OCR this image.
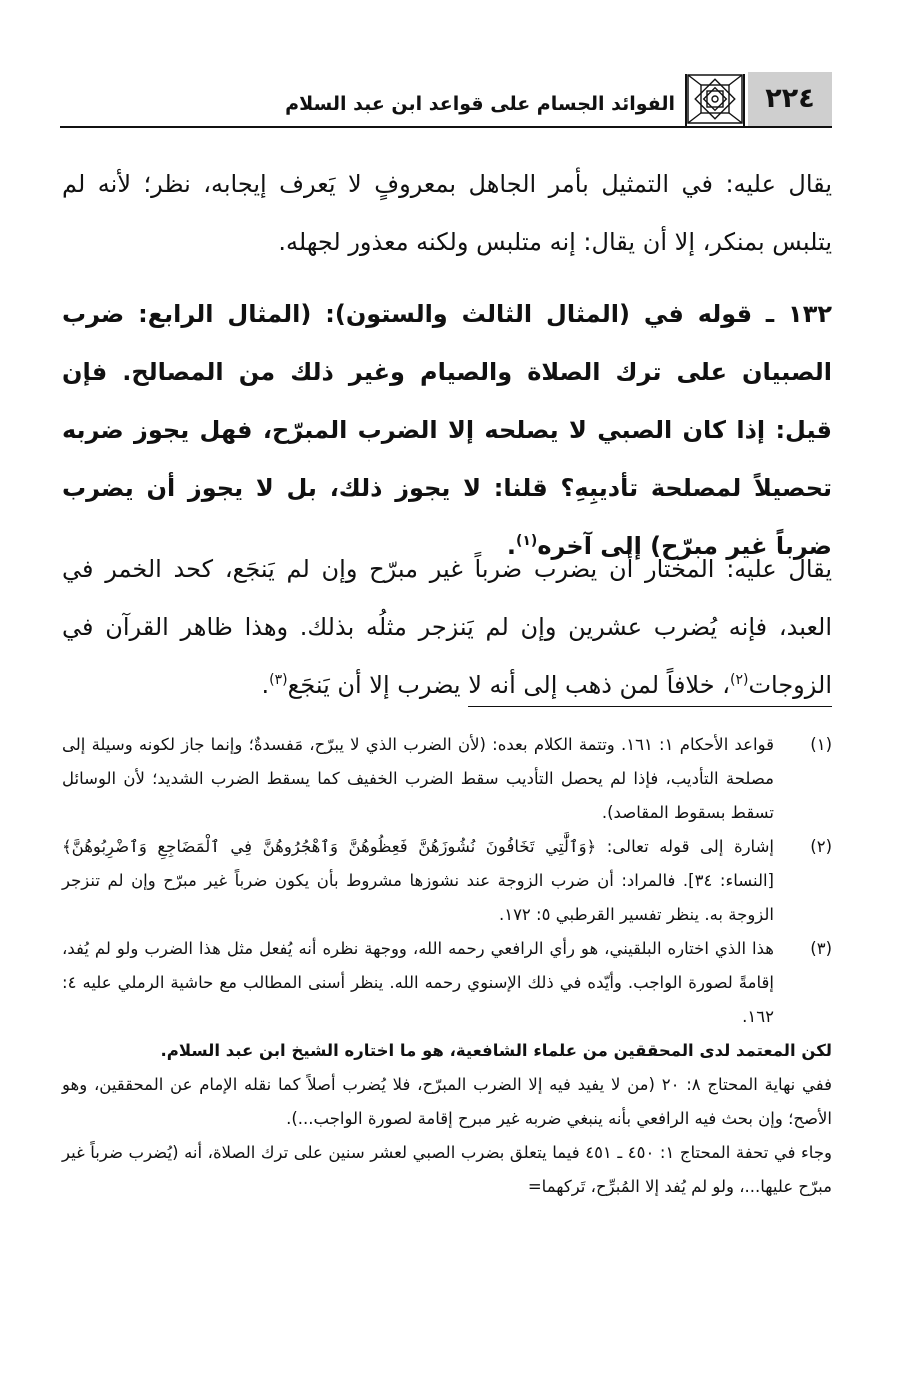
الفوائد الجسام على قواعد ابن عبد السلام	٢٢٤

يقال عليه: في التمثيل بأمر الجاهل بمعروفٍ لا يَعرف إيجابه، نظر؛ لأنه لم يتلبس بمنكر، إلا أن يقال: إنه متلبس ولكنه معذور لجهله.

١٣٢ ـ قوله في (المثال الثالث والستون): (المثال الرابع: ضرب الصبيان على ترك الصلاة والصيام وغير ذلك من المصالح. فإن قيل: إذا كان الصبي لا يصلحه إلا الضرب المبرّح، فهل يجوز ضربه تحصيلاً لمصلحة تأديبِهِ؟ قلنا: لا يجوز ذلك، بل لا يجوز أن يضرب ضرباً غير مبرّح) إلى آخره$^{(١)}$.

يقال عليه: المختار أن يضرب ضرباً غير مبرّح وإن لم يَنجَع، كحد الخمر في العبد، فإنه يُضرب عشرين وإن لم يَنزجر مثلُه بذلك. وهذا ظاهر القرآن في الزوجات$^{(٢)}$، خلافاً لمن ذهب إلى أنه لا يضرب إلا أن يَنجَع$^{(٣)}$.

(١)
قواعد الأحكام ١: ١٦١. وتتمة الكلام بعده: (لأن الضرب الذي لا يبرّح، مَفسدةٌ؛ وإنما جاز لكونه وسيلة إلى مصلحة التأديب، فإذا لم يحصل التأديب سقط الضرب الخفيف كما يسقط الضرب الشديد؛ لأن الوسائل تسقط بسقوط المقاصد).
(٢)
إشارة إلى قوله تعالى: ﴿وَٱلَّٰتِي تَخَافُونَ نُشُوزَهُنَّ فَعِظُوهُنَّ وَٱهْجُرُوهُنَّ فِي ٱلْمَضَاجِعِ وَٱضْرِبُوهُنَّ﴾ [النساء: ٣٤]. فالمراد: أن ضرب الزوجة عند نشوزها مشروط بأن يكون ضرباً غير مبرّح وإن لم تنزجر الزوجة به. ينظر تفسير القرطبي ٥: ١٧٢.
(٣)
هذا الذي اختاره البلقيني، هو رأي الرافعي رحمه الله، ووجهة نظره أنه يُفعل مثل هذا الضرب ولو لم يُفد، إقامةً لصورة الواجب. وأيّده في ذلك الإسنوي رحمه الله. ينظر أسنى المطالب مع حاشية الرملي عليه ٤: ١٦٢.

لكن المعتمد لدى المحققين من علماء الشافعية، هو ما اختاره الشيخ ابن عبد السلام.

ففي نهاية المحتاج ٨: ٢٠ (من لا يفيد فيه إلا الضرب المبرّح، فلا يُضرب أصلاً كما نقله الإمام عن المحققين، وهو الأصح؛ وإن بحث فيه الرافعي بأنه ينبغي ضربه غير مبرح إقامة لصورة الواجب...).

وجاء في تحفة المحتاج ١: ٤٥٠ ـ ٤٥١ فيما يتعلق بضرب الصبي لعشر سنين على ترك الصلاة، أنه (يُضرب ضرباً غير مبرّح عليها...، ولو لم يُفد إلا المُبرِّح، تَركهما=
